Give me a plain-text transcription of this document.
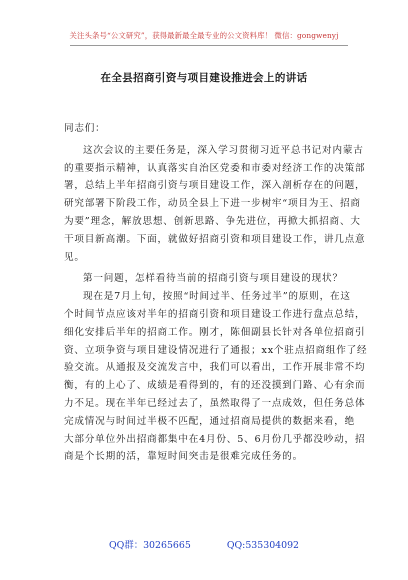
关注头条号“公文研究”，获得最新最全最专业的公文资料库！ 微信：gongwenyj
在全县招商引资与项目建设推进会上的讲话

同志们：

这次会议的主要任务是，深入学习贯彻习近平总书记对内蒙古

的重要指示精神，认真落实自治区党委和市委对经济工作的决策部

署，总结上半年招商引资与项目建设工作，深入剖析存在的问题，

研究部署下阶段工作，动员全县上下进一步树牢“项目为王、招商

为要”理念，解放思想、创新思路、争先进位，再掀大抓招商、大

干项目新高潮。下面，就做好招商引资和项目建设工作，讲几点意

见。

第一问题，怎样看待当前的招商引资与项目建设的现状？

现在是7月上旬，按照“时间过半、任务过半”的原则，在这

个时间节点应该对半年的招商引资和项目建设工作进行盘点总结，

细化安排后半年的招商工作。刚才，陈佃副县长针对各单位招商引

资、立项争资与项目建设情况进行了通报；xx个驻点招商组作了经

验交流。从通报及交流发言中，我们可以看出，工作开展非常不均

衡，有的上心了、成绩是看得到的，有的还没摸到门路、心有余而

力不足。现在半年已经过去了，虽然取得了一点成效，但任务总体

完成情况与时间过半极不匹配，通过招商局提供的数据来看，绝

大部分单位外出招商都集中在4月份、5、6月份几乎都没吵动，招

商是个长期的活，靠短时间突击是很难完成任务的。

QQ群：30265665	QQ:535304092
